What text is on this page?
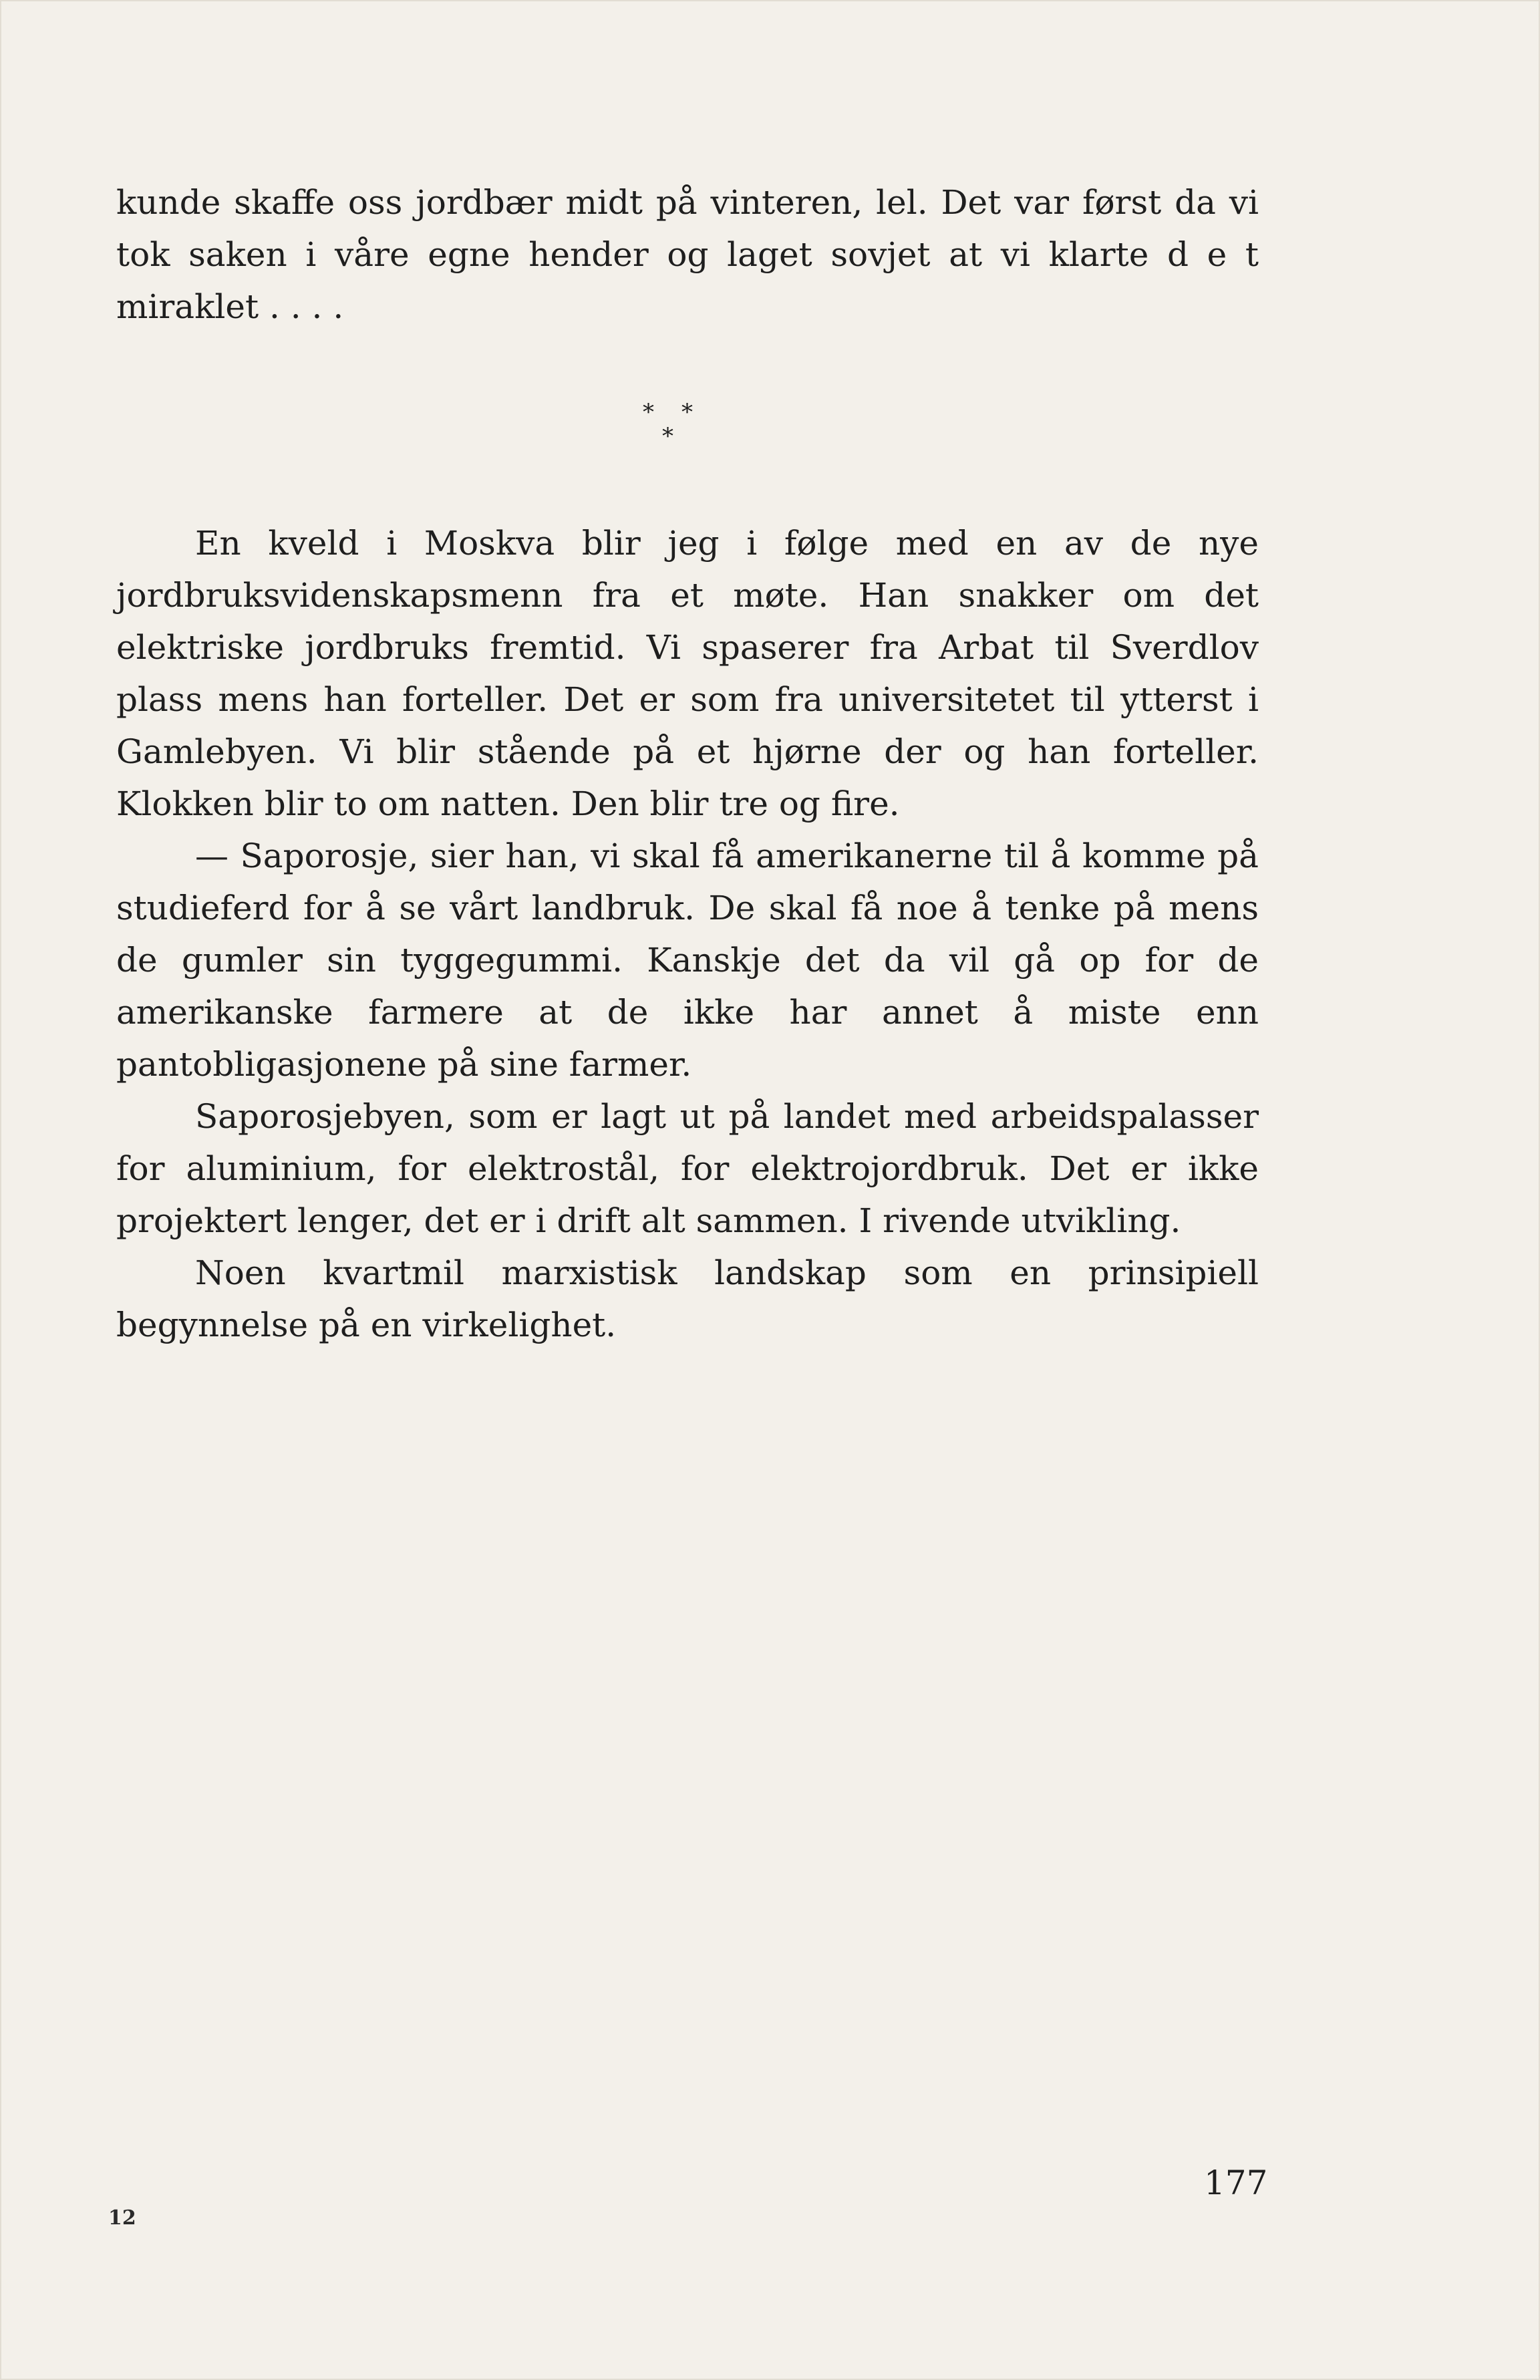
kunde skaffe oss jordbær midt på vinteren, lel. Det var først da vi tok saken i våre egne hender og laget sovjet at vi klarte d e t miraklet . . . .

* *
*

En kveld i Moskva blir jeg i følge med en av de nye jordbruksvidenskapsmenn fra et møte. Han snakker om det elektriske jordbruks fremtid. Vi spaserer fra Arbat til Sverdlov plass mens han forteller. Det er som fra universitetet til ytterst i Gamlebyen. Vi blir stående på et hjørne der og han forteller. Klokken blir to om natten. Den blir tre og fire.

— Saporosje, sier han, vi skal få amerikanerne til å komme på studieferd for å se vårt landbruk. De skal få noe å tenke på mens de gumler sin tyggegummi. Kanskje det da vil gå op for de amerikanske farmere at de ikke har annet å miste enn pantobligasjonene på sine farmer.

Saporosjebyen, som er lagt ut på landet med arbeidspalasser for aluminium, for elektrostål, for elektrojordbruk. Det er ikke projektert lenger, det er i drift alt sammen. I rivende utvikling.

Noen kvartmil marxistisk landskap som en prinsipiell begynnelse på en virkelighet.

177
12
